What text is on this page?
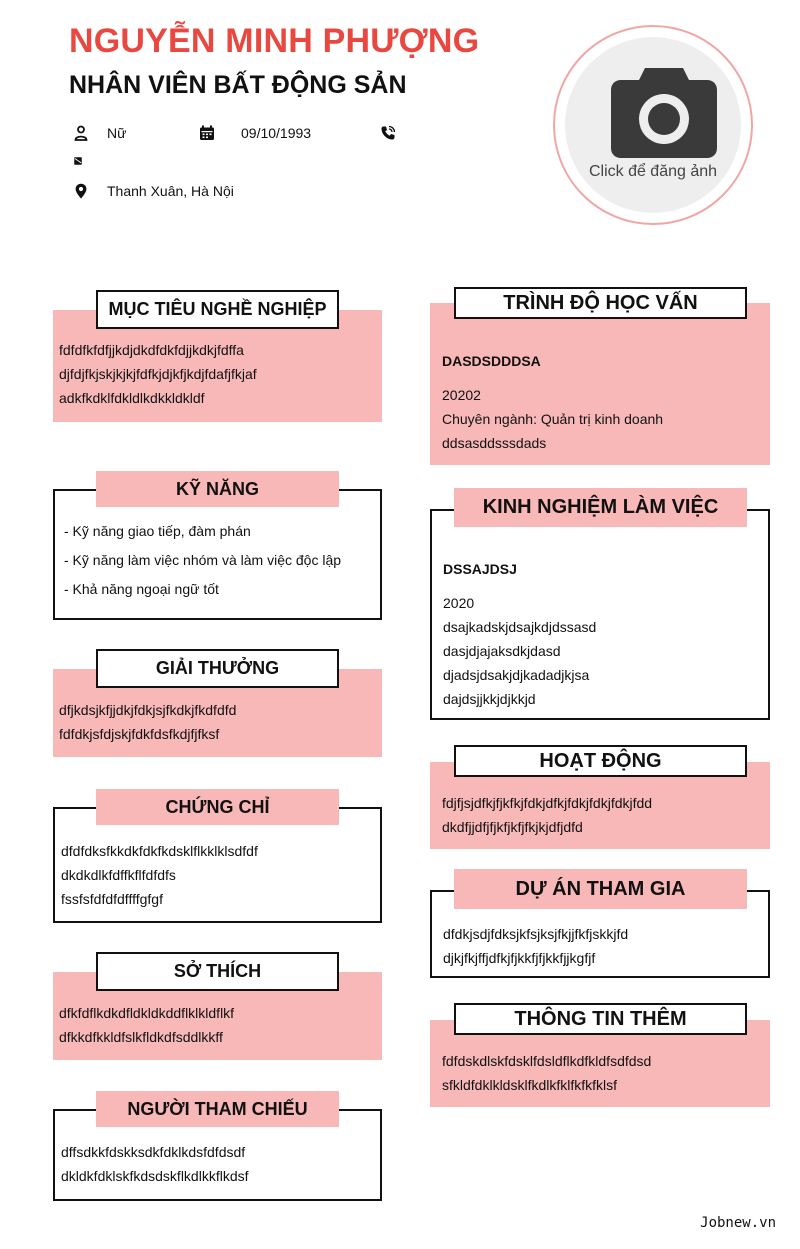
NGUYỄN MINH PHƯỢNG
NHÂN VIÊN BẤT ĐỘNG SẢN
Nữ	09/10/1993
Thanh Xuân, Hà Nội
Click để đăng ảnh
fdfdfkfdfjjkdjdkdfdkfdjjkdkjfdffa
djfdjfkjskjkjkjfdfkjdjkfjkdjfdafjfkjaf
adkfkdklfdkldlkdkkldkldf
MỤC TIÊU NGHỀ NGHIỆP
- Kỹ năng giao tiếp, đàm phán
- Kỹ năng làm việc nhóm và làm việc độc lập
- Khả năng ngoại ngữ tốt
KỸ NĂNG
dfjkdsjkfjjdkjfdkjsjfkdkjfkdfdfd
fdfdkjsfdjskjfdkfdsfkdjfjfksf
GIẢI THƯỞNG
dfdfdksfkkdkfdkfkdsklflkklklsdfdf
dkdkdlkfdffkflfdfdfs
fssfsfdfdfdffffgfgf
CHỨNG CHỈ
dfkfdflkdkdfldkldkddflklkldflkf
dfkkdfkkldfslkfldkdfsddlkkff
SỞ THÍCH
dffsdkkfdskksdkfdklkdsfdfdsdf
dkldkfdklskfkdsdskflkdlkkflkdsf
NGƯỜI THAM CHIẾU
DASDSDDDSA
20202
Chuyên ngành: Quản trị kinh doanh
ddsasddsssdads
TRÌNH ĐỘ HỌC VẤN
DSSAJDSJ
2020
dsajkadskjdsajkdjdssasd
dasjdjajaksdkjdasd
djadsjdsakjdjkadadjkjsa
dajdsjjkkjdjkkjd
KINH NGHIỆM LÀM VIỆC
fdjfjsjdfkjfjkfkjfdkjdfkjfdkjfdkjfdkjfdd
dkdfjjdfjfjkfjkfjfkjkjdfjdfd
HOẠT ĐỘNG
dfdkjsdjfdksjkfsjksjfkjjfkfjskkjfd
djkjfkjffjdfkjfjkkfjfjkkfjjkgfjf
DỰ ÁN THAM GIA
fdfdskdlskfdsklfdsldflkdfkldfsdfdsd
sfkldfdklkldsklfkdlkfklfkfkfklsf
THÔNG TIN THÊM
Jobnew.vn
